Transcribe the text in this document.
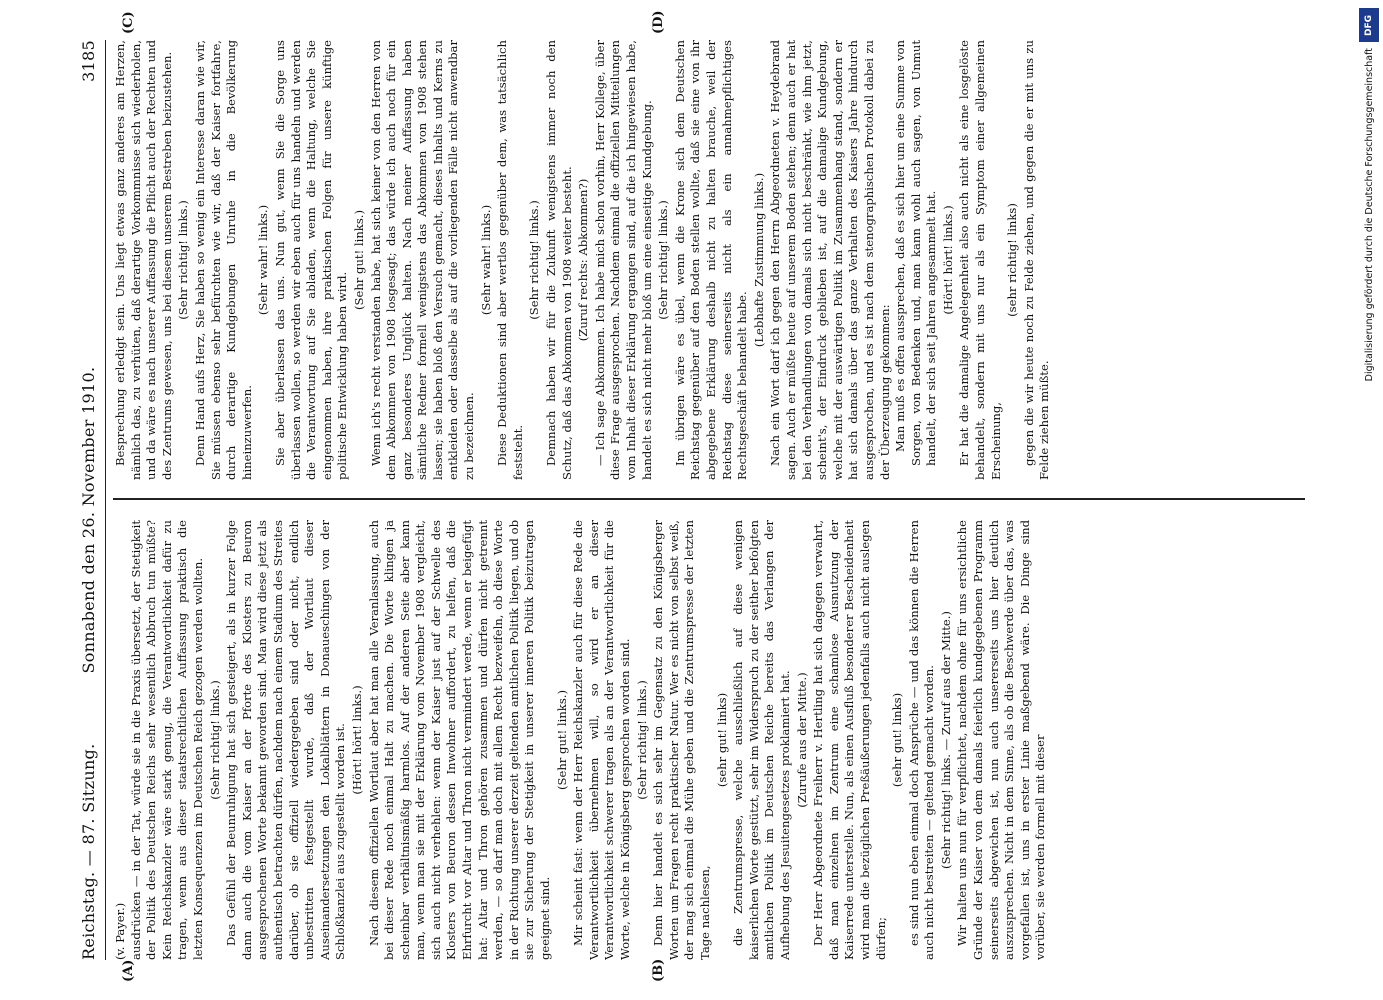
Reichstag. — 87. Sitzung.
Sonnabend den 26. November 1910.
3185
(A)	(B)
(C)	(D)

(v. Payer.) ausdrücken — in der Tat, würde sie in die Praxis übersetzt, der Stetigkeit der Politik des Deutschen Reichs sehr wesentlich Abbruch tun müßte? Kein Reichskanzler wäre stark genug, die Verantwortlichkeit dafür zu tragen, wenn aus dieser staatsrechtlichen Auffassung praktisch die letzten Konsequenzen im Deutschen Reich gezogen werden wollten. (Sehr richtig! links.) Das Gefühl der Beunruhigung hat sich gesteigert, als in kurzer Folge dann auch die vom Kaiser an der Pforte des Klosters zu Beuron ausgesprochenen Worte bekannt geworden sind. Man wird diese jetzt als authentisch betrachten dürfen, nachdem nach einem Stadium des Streites darüber, ob sie offiziell wiedergegeben sind oder nicht, endlich unbestritten festgestellt wurde, daß der Wortlaut dieser Auseinandersetzungen den Lokalblättern in Donaueschingen von der Schloßkanzlei aus zugestellt worden ist. (Hört! hört! links.) Nach diesem offiziellen Wortlaut aber hat man alle Veranlassung, auch bei dieser Rede noch einmal Halt zu machen. Die Worte klingen ja scheinbar verhältnismäßig harmlos. Auf der anderen Seite aber kann man, wenn man sie mit der Erklärung vom November 1908 vergleicht, sich auch nicht verhehlen: wenn der Kaiser just auf der Schwelle des Klosters von Beuron dessen Inwohner auffordert, zu helfen, daß die Ehrfurcht vor Altar und Thron nicht vermindert werde, wenn er beigefügt hat: Altar und Thron gehören zusammen und dürfen nicht getrennt werden, — so darf man doch mit allem Recht bezweifeln, ob diese Worte in der Richtung unserer derzeit geltenden amtlichen Politik liegen, und ob sie zur Sicherung der Stetigkeit in unserer inneren Politik beizutragen geeignet sind.

(Sehr gut! links.) Mir scheint fast: wenn der Herr Reichskanzler auch für diese Rede die Verantwortlichkeit übernehmen will, so wird er an dieser Verantwortlichkeit schwerer tragen als an der Verantwortlichkeit für die Worte, welche in Königsberg gesprochen worden sind. (Sehr richtig! links.) Denn hier handelt es sich sehr im Gegensatz zu den Königsberger Worten um Fragen recht praktischer Natur. Wer es nicht von selbst weiß, der mag sich einmal die Mühe geben und die Zentrumspresse der letzten Tage nachlesen,

(sehr gut! links) die Zentrumspresse, welche ausschließlich auf diese wenigen kaiserlichen Worte gestützt, sehr im Widerspruch zu der seither befolgten amtlichen Politik im Deutschen Reiche bereits das Verlangen der Aufhebung des Jesuitengesetzes proklamiert hat. (Zurufe aus der Mitte.) Der Herr Abgeordnete Freiherr v. Hertling hat sich dagegen verwahrt, daß man einzelnen im Zentrum eine schamlose Ausnutzung der Kaiserrede unterstelle. Nun, als einen Ausfluß besonderer Bescheidenheit wird man die bezüglichen Preßäußerungen jedenfalls auch nicht auslegen dürfen;

(sehr gut! links) es sind nun eben einmal doch Ansprüche — und das können die Herren auch nicht bestreiten — geltend gemacht worden. (Sehr richtig! links. — Zuruf aus der Mitte.) Wir halten uns nun für verpflichtet, nachdem ohne für uns ersichtliche Gründe der Kaiser von dem damals feierlich kundgegebenen Programm seinerseits abgewichen ist, nun auch unsererseits uns hier deutlich auszusprechen. Nicht in dem Sinne, als ob die Beschwerde über das, was vorgefallen ist, uns in erster Linie maßgebend wäre. Die Dinge sind vorüber, sie werden formell mit dieser

Besprechung erledigt sein. Uns liegt etwas ganz anderes am Herzen, nämlich das, zu verhüten, daß derartige Vorkommnisse sich wiederholen, und da wäre es nach unserer Auffassung die Pflicht auch der Rechten und des Zentrums gewesen, uns bei diesem unserem Bestreben beizustehen. (Sehr richtig! links.) Denn Hand aufs Herz, Sie haben so wenig ein Interesse daran wie wir, Sie müssen ebenso sehr befürchten wie wir, daß der Kaiser fortfahre, durch derartige Kundgebungen Unruhe in die Bevölkerung hineinzuwerfen.

(Sehr wahr! links.) Sie aber überlassen das uns. Nun gut, wenn Sie die Sorge uns überlassen wollen, so werden wir eben auch für uns handeln und werden die Verantwortung auf Sie abladen, wenn die Haltung, welche Sie eingenommen haben, ihre praktischen Folgen für unsere künftige politische Entwicklung haben wird.

(Sehr gut! links.) Wenn ich's recht verstanden habe, hat sich keiner von den Herren von dem Abkommen von 1908 losgesagt; das würde ich auch noch für ein ganz besonderes Unglück halten. Nach meiner Auffassung haben sämtliche Redner formell wenigstens das Abkommen von 1908 stehen lassen; sie haben bloß den Versuch gemacht, dieses Inhalts und Kerns zu entkleiden oder dasselbe als auf die vorliegenden Fälle nicht anwendbar zu bezeichnen.

(Sehr wahr! links.) Diese Deduktionen sind aber wertlos gegenüber dem, was tatsächlich feststeht.

(Sehr richtig! links.) Demnach haben wir für die Zukunft wenigstens immer noch den Schutz, daß das Abkommen von 1908 weiter besteht. (Zuruf rechts: Abkommen?) — Ich sage Abkommen. Ich habe mich schon vorhin, Herr Kollege, über diese Frage ausgesprochen. Nachdem einmal die offiziellen Mitteilungen vom Inhalt dieser Erklärung ergangen sind, auf die ich hingewiesen habe, handelt es sich nicht mehr bloß um eine einseitige Kundgebung. (Sehr richtig! links.) Im übrigen wäre es übel, wenn die Krone sich dem Deutschen Reichstag gegenüber auf den Boden stellen wollte, daß sie eine von ihr abgegebene Erklärung deshalb nicht zu halten brauche, weil der Reichstag diese seinerseits nicht als ein annahmepflichtiges Rechtsgeschäft behandelt habe.

(Lebhafte Zustimmung links.) Nach ein Wort darf ich gegen den Herrn Abgeordneten v. Heydebrand sagen. Auch er müßte heute auf unserem Boden stehen; denn auch er hat bei den Verhandlungen von damals sich nicht beschränkt, wie ihm jetzt, scheint's, der Eindruck geblieben ist, auf die damalige Kundgebung, welche mit der auswärtigen Politik im Zusammenhang stand, sondern er hat sich damals über das ganze Verhalten des Kaisers Jahre hindurch ausgesprochen, und es ist nach dem stenographischen Protokoll dabei zu der Überzeugung gekommen: Man muß es offen aussprechen, daß es sich hier um eine Summe von Sorgen, von Bedenken und, man kann wohl auch sagen, von Unmut handelt, der sich seit Jahren angesammelt hat. (Hört! hört! links.) Er hat die damalige Angelegenheit also auch nicht als eine losgelöste behandelt, sondern mit uns nur als ein Symptom einer allgemeinen Erscheinung,

(sehr richtig! links) gegen die wir heute noch zu Felde ziehen, und gegen die er mit uns zu Felde ziehen müßte.

DFG
Digitalisierung gefördert durch die Deutsche Forschungsgemeinschaft
